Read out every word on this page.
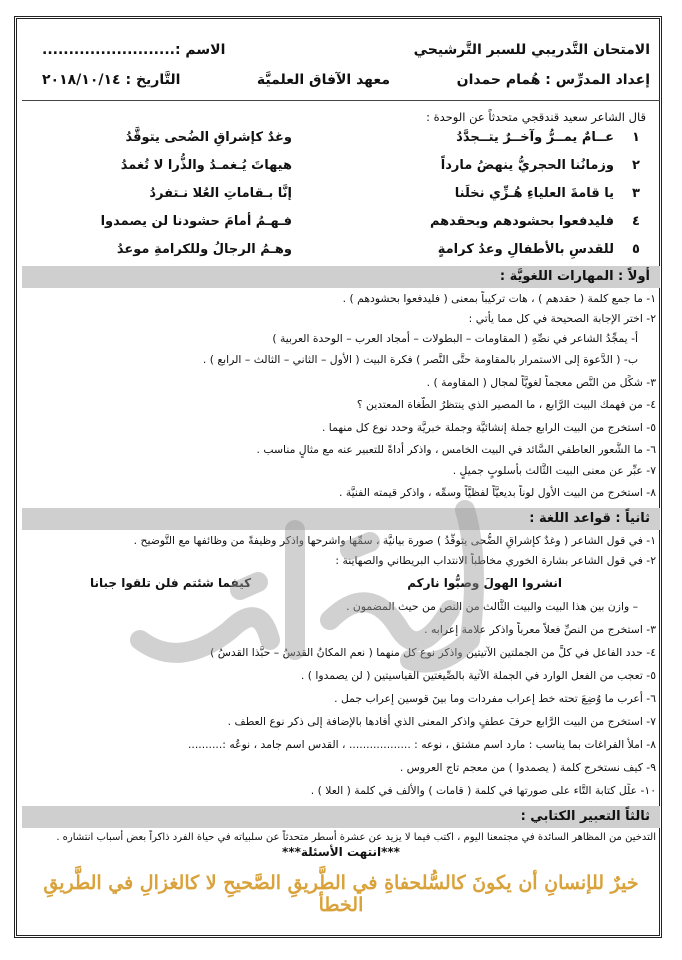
الامتحان التَّدريبي للسبر التَّرشيحي
الاسم :.........................
إعداد المدرِّس : هُمام حمدان
معهد الآفاق العلميَّة
التَّاريخ : ٢٠١٨/١٠/١٤
قال الشاعر سعيد قندقجي متحدثاً عن الوحدة :
١
عــامٌ يمــرُّ وآخــرٌ يتــجدَّدُ
وغدٌ كإشراقِ الضُحى يتوقَّدُ
٢
وزمانُنا الحجريُّ ينهضُ مارداً
هيهاتَ يُـغمـدُ والذُّرا لا تُغمدُ
٣
يا قامةَ العلياءِ هُـزِّي نخلَنا
إنَّا بـقاماتِ العُلا نـتفردُ
٤
فليدفعوا بحشودهم وبحقدهم
فـهـمُ أمامَ حشودنا لن يصمدوا
٥
للقدسِ بالأطفالِ وعدُ كرامةٍ
وهـمُ الرجالُ وللكرامةِ موعدُ
أولاً : المهارات اللغويَّة :
١- ما جمع كلمة ( حقدهم ) ، هات تركيباً بمعنى ( فليدفعوا بحشودهم ) .
٢- اختر الإجابة الصحيحة في كل مما يأتي :
أ- يمجِّدُ الشاعر في نصِّهِ ( المقاومات – البطولات – أمجاد العرب – الوحدة العربية )
ب- ( الدَّعوة إلى الاستمرار بالمقاومة حتَّى النَّصر ) فكرة البيت ( الأول – الثاني – الثالث – الرابع ) .
٣- شكِّل من النَّص معجماً لغويَّاً لمجال ( المقاومة ) .
٤- من فهمك البيت الرَّابع ، ما المصير الذي ينتظرُ الطُّغاة المعتدين ؟
٥- استخرج من البيت الرابع جملة إنشائيَّة وجملة خبريَّة وحدد نوع كل منهما .
٦- ما الشُّعور العاطفي السَّائد في البيت الخامس ، واذكر أداةً للتعبير عنه مع مثالٍ مناسب .
٧- عبِّر عن معنى البيت الثَّالث بأسلوبٍ جميلٍ .
٨- استخرج من البيت الأول لوناً بديعيَّاً لفظيَّاً وسمِّه ، واذكر قيمته الفنيَّة .
ثانياً : قواعد اللغة :
١- في قول الشاعر ( وغدٌ كإشراقِ الضُّحى يتوقَّدُ ) صورة بيانيَّة ، سمِّها واشرحها واذكر وظيفةً من وظائفها مع التَّوضيح .
٢- في قول الشاعر بشارة الخوري مخاطباً الانتداب البريطاني والصهاينة :
انشروا الهولَ وصبُّوا ناركم
كيفما شئتم فلن تلقوا جبانا
– وازن بين هذا البيت والبيت الثَّالث من النص من حيث المضمون .
٣- استخرج من النصِّ فعلاً معرباً واذكر علامة إعرابه .
٤- حدد الفاعل في كلٍّ من الجملتين الآتيتين واذكر نوع كل منهما ( نعم المكانُ القدسُ – حبَّذا القدسُ )
٥- تعجب من الفعل الوارد في الجملة الآتية بالصِّيغتين القياسيتين ( لن يصمدوا ) .
٦- أعرب ما وُضِعَ تحته خط إعراب مفردات وما بينَ قوسين إعراب جمل .
٧- استخرج من البيت الرَّابع حرفَ عطفٍ واذكر المعنى الذي أفادها بالإضافة إلى ذكر نوع العطف .
٨- املأ الفراغات بما يناسب : مارد اسم مشتق ، نوعه : .................. ، القدس اسم جامد ، نوعُه :..........
٩- كيف نستخرج كلمة ( يصمدوا ) من معجم تاج العروس .
١٠- علِّل كتابة التَّاء على صورتها في كلمة ( قامات ) والألف في كلمة ( العلا ) .
ثالثاً التعبير الكتابي :
التدخين من المظاهر السائدة في مجتمعنا اليوم ، اكتب فيما لا يزيد عن عشرة أسطر متحدثاً عن سلبياته في حياة الفرد ذاكراً بعض أسباب انتشاره .
***انتهت الأسئلة***
خيرٌ للإنسانِ أن يكونَ كالسُّلحفاةِ في الطَّريقِ الصَّحيحِ لا كالغزالِ في الطَّريقِ الخطأ
